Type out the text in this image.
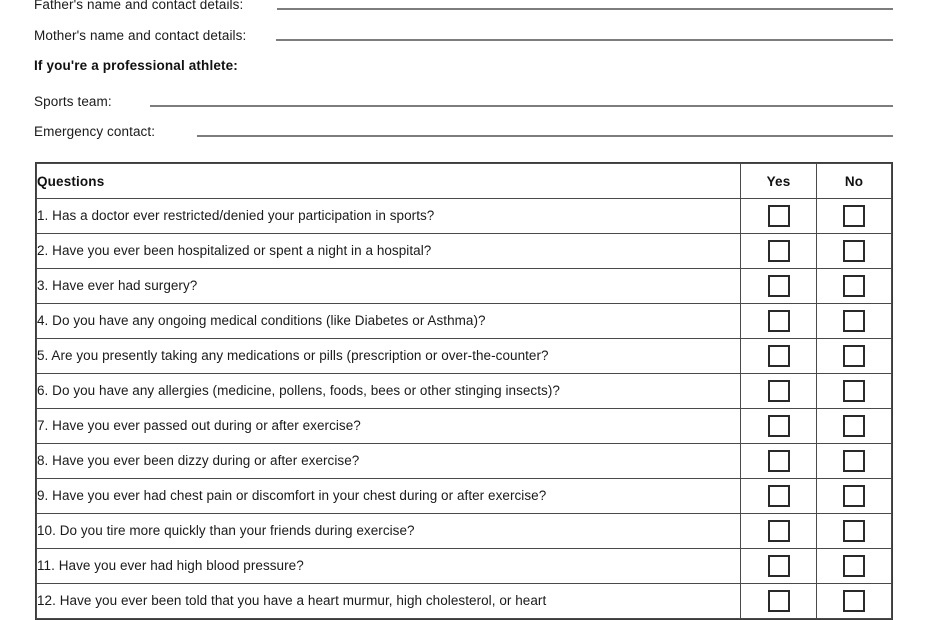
Father's name and contact details:
Mother's name and contact details:
If you're a professional athlete:
Sports team:
Emergency contact:
Questions	Yes	No
1. Has a doctor ever restricted/denied your participation in sports?		
2. Have you ever been hospitalized or spent a night in a hospital?		
3. Have ever had surgery?		
4. Do you have any ongoing medical conditions (like Diabetes or Asthma)?		
5. Are you presently taking any medications or pills (prescription or over-the-counter?		
6. Do you have any allergies (medicine, pollens, foods, bees or other stinging insects)?		
7. Have you ever passed out during or after exercise?		
8. Have you ever been dizzy during or after exercise?		
9. Have you ever had chest pain or discomfort in your chest during or after exercise?		
10. Do you tire more quickly than your friends during exercise?		
11. Have you ever had high blood pressure?		
12. Have you ever been told that you have a heart murmur, high cholesterol, or heart		
